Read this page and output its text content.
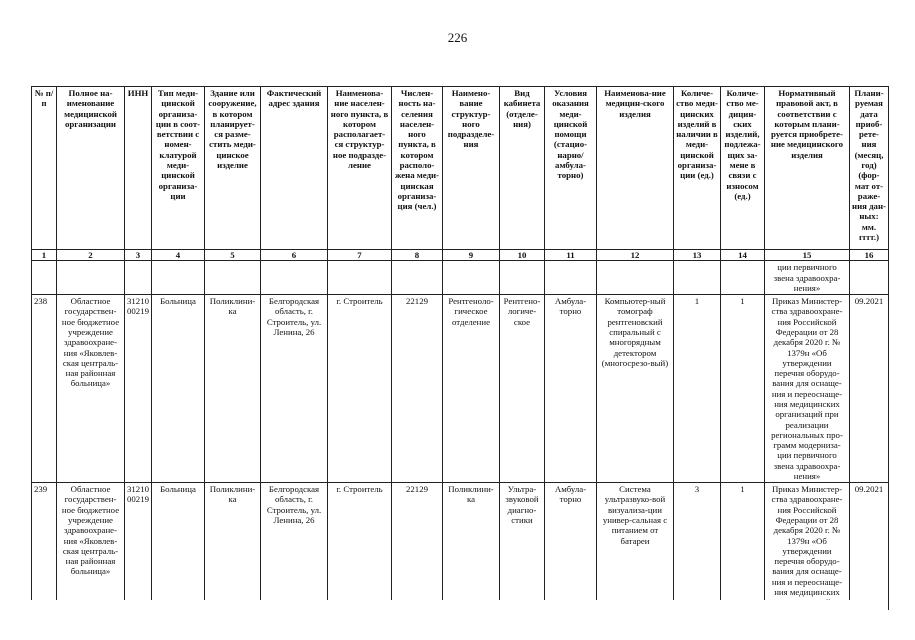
226
№ п/п	Полное на-именование медицинской организации	ИНН	Тип меди-цинской организа-ции в соот-ветствии с номен-клатурой меди-цинской организа-ции	Здание или сооружение, в котором планирует-ся разме-стить меди-цинское изделие	Фактический адрес здания	Наименова-ние населен-ного пункта, в котором располагает-ся структур-ное подразде-ление	Числен-ность на-селения населен-ного пункта, в котором располо-жена меди-цинская организа-ция (чел.)	Наимено-вание структур-ного подразделе-ния	Вид кабинета (отделе-ния)	Условия оказания меди-цинской помощи (стацио-нарно/ амбула-торно)	Наименова-ние медицин-ского изделия	Количе-ство меди-цинских изделий в наличии в меди-цинской организа-ции (ед.)	Количе-ство ме-дицин-ских изделий, подлежа-щих за-мене в связи с износом (ед.)	Нормативный правовой акт, в соответствии с которым плани-руется приобрете-ние медицинского изделия	Плани-руемая дата приоб-рете-ния (месяц, год) (фор-мат от-раже-ния дан-ных: мм. гггг.)
1	2	3	4	5	6	7	8	9	10	11	12	13	14	15	16
														ции первичного звена здравоохра-нения»	
238	Областное государствен-ное бюджетное учреждение здравоохране-ния «Яковлев-ская централь-ная районная больница»	31210 00219	Больница	Поликлини-ка	Белгородская область, г. Строитель, ул. Ленина, 26	г. Строитель	22129	Рентгеноло-гическое отделение	Рентгено-логиче-ское	Амбула-торно	Компьютер-ный томограф рентгеновский спиральный с многорядным детектором (многосрезо-вый)	1	1	Приказ Министер-ства здравоохране-ния Российской Федерации от 28 декабря 2020 г. № 1379н «Об утверждении перечня оборудо-вания для оснаще-ния и переоснаще-ния медицинских организаций при реализации региональных про-грамм модерниза-ции первичного звена здравоохра-нения»	09.2021
239	Областное государствен-ное бюджетное учреждение здравоохране-ния «Яковлев-ская централь-ная районная больница»	31210 00219	Больница	Поликлини-ка	Белгородская область, г. Строитель, ул. Ленина, 26	г. Строитель	22129	Поликлини-ка	Ультра-звуковой диагно-стики	Амбула-торно	Система ультразвуко-вой визуализа-ции универ-сальная с питанием от батареи	3	1	Приказ Министер-ства здравоохране-ния Российской Федерации от 28 декабря 2020 г. № 1379н «Об утверждении перечня оборудо-вания для оснаще-ния и переоснаще-ния медицинских	09.2021
